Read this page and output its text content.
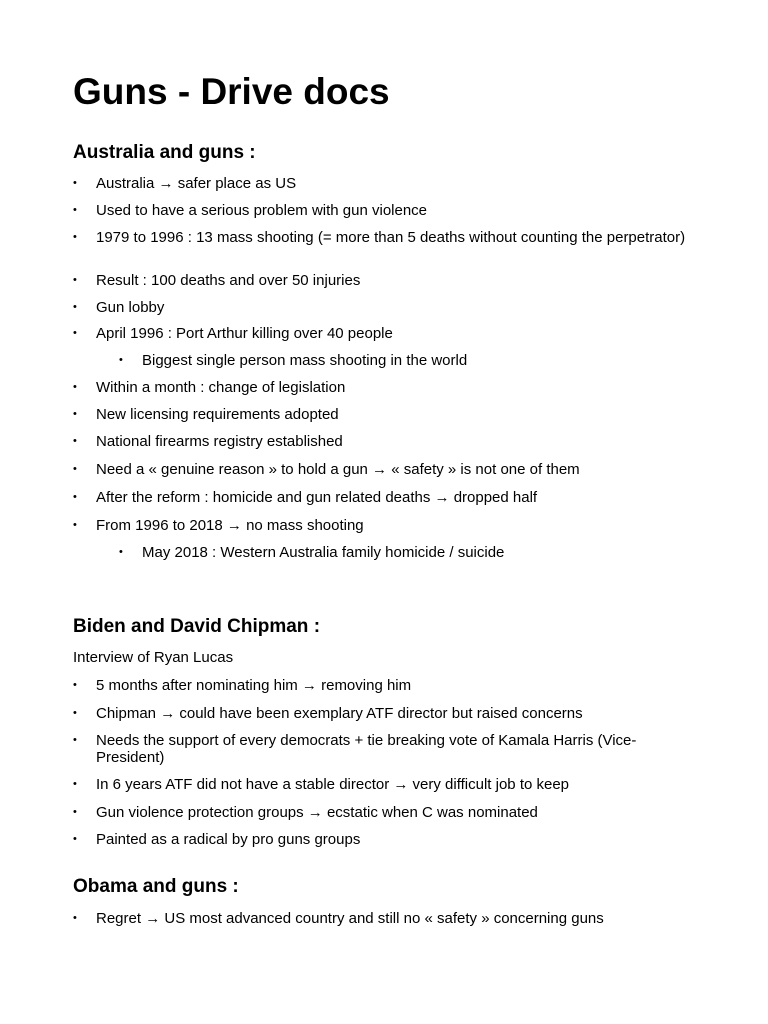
Guns - Drive docs
Australia and guns :
• Australia → safer place as US
• Used to have a serious problem with gun violence
• 1979 to 1996 : 13 mass shooting (= more than 5 deaths without counting the perpetrator)
• Result : 100 deaths and over 50 injuries
• Gun lobby
• April 1996 : Port Arthur killing over 40 people
• Biggest single person mass shooting in the world
• Within a month : change of legislation
• New licensing requirements adopted
• National firearms registry established
• Need a « genuine reason » to hold a gun → « safety » is not one of them
• After the reform : homicide and gun related deaths → dropped half
• From 1996 to 2018 → no mass shooting
• May 2018 : Western Australia family homicide / suicide
Biden and David Chipman :

Interview of Ryan Lucas

• 5 months after nominating him → removing him
• Chipman → could have been exemplary ATF director but raised concerns
• Needs the support of every democrats + tie breaking vote of Kamala Harris (Vice-President)
• In 6 years ATF did not have a stable director → very difficult job to keep
• Gun violence protection groups → ecstatic when C was nominated
• Painted as a radical by pro guns groups
Obama and guns :
• Regret → US most advanced country and still no « safety » concerning guns
